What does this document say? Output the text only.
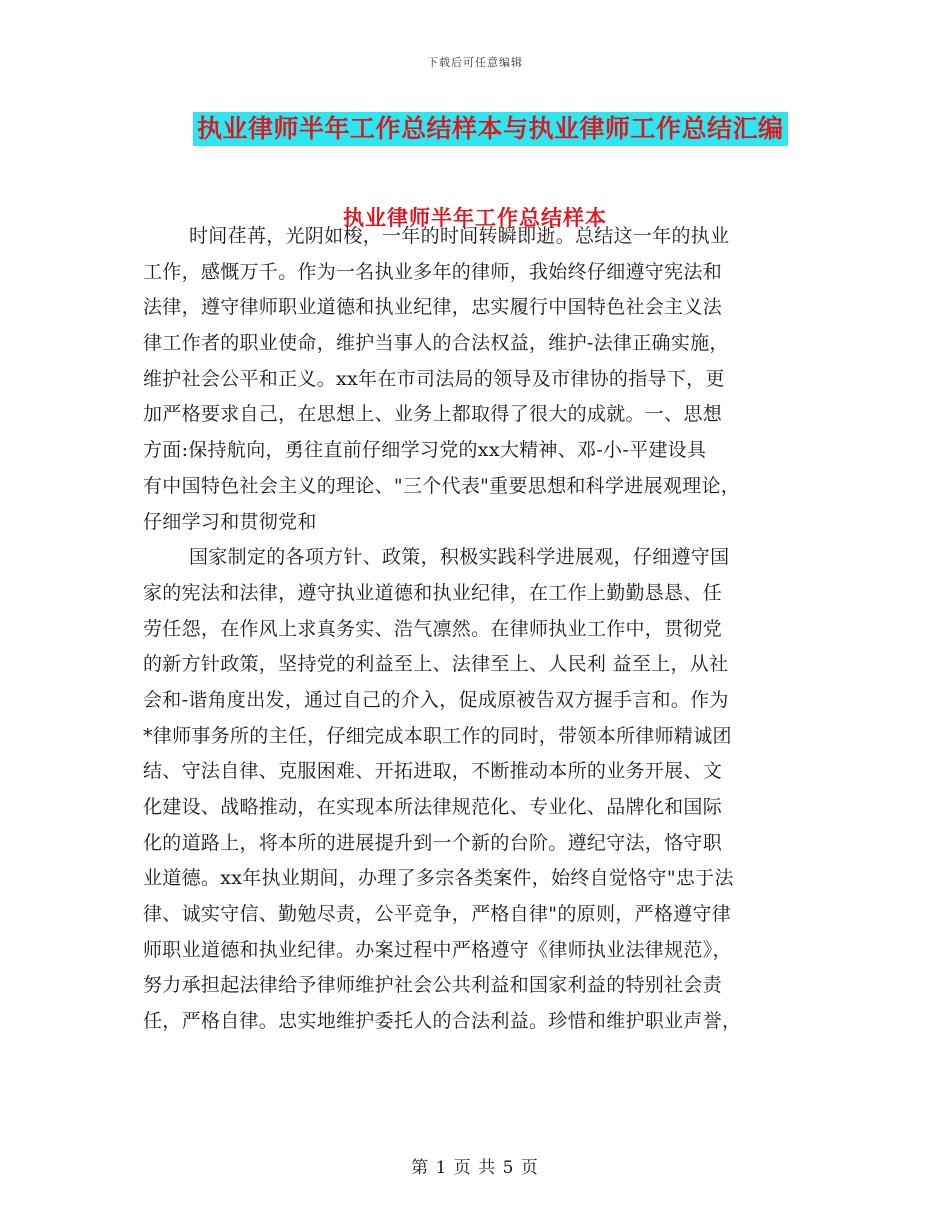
下载后可任意编辑
执业律师半年工作总结样本与执业律师工作总结汇编
执业律师半年工作总结样本
时间荏苒，光阴如梭，一年的时间转瞬即逝。总结这一年的执业
工作，感慨万千。作为一名执业多年的律师，我始终仔细遵守宪法和
法律，遵守律师职业道德和执业纪律，忠实履行中国特色社会主义法
律工作者的职业使命，维护当事人的合法权益，维护-法律正确实施，
维护社会公平和正义。xx年在市司法局的领导及市律协的指导下，更
加严格要求自己，在思想上、业务上都取得了很大的成就。一、思想
方面:保持航向，勇往直前仔细学习党的xx大精神、邓-小-平建设具
有中国特色社会主义的理论、"三个代表"重要思想和科学进展观理论，
仔细学习和贯彻党和
国家制定的各项方针、政策，积极实践科学进展观，仔细遵守国
家的宪法和法律，遵守执业道德和执业纪律，在工作上勤勤恳恳、任
劳任怨，在作风上求真务实、浩气凛然。在律师执业工作中，贯彻党
的新方针政策，坚持党的利益至上、法律至上、人民利 益至上，从社
会和-谐角度出发，通过自己的介入，促成原被告双方握手言和。作为
*律师事务所的主任，仔细完成本职工作的同时，带领本所律师精诚团
结、守法自律、克服困难、开拓进取，不断推动本所的业务开展、文
化建设、战略推动，在实现本所法律规范化、专业化、品牌化和国际
化的道路上，将本所的进展提升到一个新的台阶。遵纪守法，恪守职
业道德。xx年执业期间，办理了多宗各类案件，始终自觉恪守"忠于法
律、诚实守信、勤勉尽责，公平竞争，严格自律"的原则，严格遵守律
师职业道德和执业纪律。办案过程中严格遵守《律师执业法律规范》，
努力承担起法律给予律师维护社会公共利益和国家利益的特别社会责
任，严格自律。忠实地维护委托人的合法利益。珍惜和维护职业声誉，
第 1 页 共 5 页
